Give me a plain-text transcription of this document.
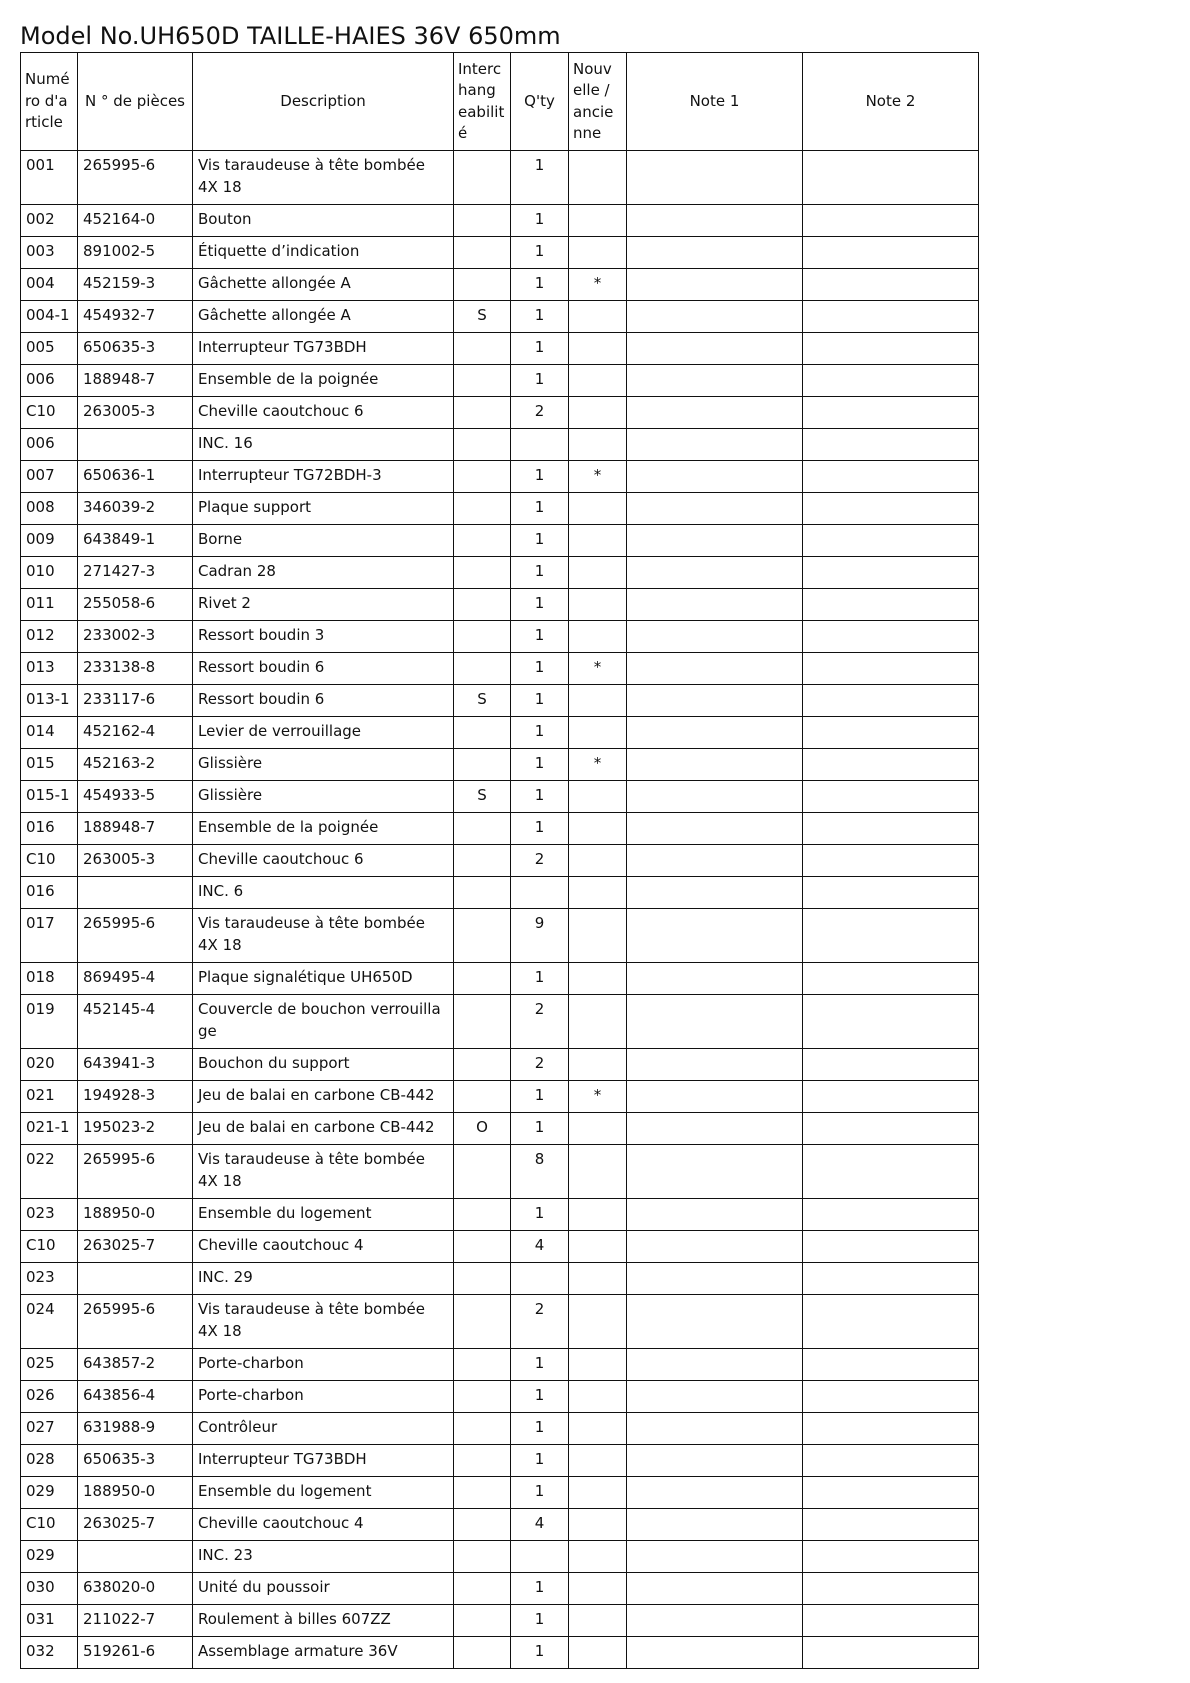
Model No.UH650D TAILLE-HAIES 36V 650mm
Numé ro d'a rticle	N ° de pièces	Description	Interc hang eabilit é	Q'ty	Nouv elle / ancie nne	Note 1	Note 2
001	265995-6	Vis taraudeuse à tête bombée 4X 18		1			
002	452164-0	Bouton		1			
003	891002-5	Étiquette d’indication		1			
004	452159-3	Gâchette allongée A		1	*		
004-1	454932-7	Gâchette allongée A	S	1			
005	650635-3	Interrupteur TG73BDH		1			
006	188948-7	Ensemble de la poignée		1			
C10	263005-3	Cheville caoutchouc 6		2			
006		INC. 16					
007	650636-1	Interrupteur TG72BDH-3		1	*		
008	346039-2	Plaque support		1			
009	643849-1	Borne		1			
010	271427-3	Cadran 28		1			
011	255058-6	Rivet 2		1			
012	233002-3	Ressort boudin 3		1			
013	233138-8	Ressort boudin 6		1	*		
013-1	233117-6	Ressort boudin 6	S	1			
014	452162-4	Levier de verrouillage		1			
015	452163-2	Glissière		1	*		
015-1	454933-5	Glissière	S	1			
016	188948-7	Ensemble de la poignée		1			
C10	263005-3	Cheville caoutchouc 6		2			
016		INC. 6					
017	265995-6	Vis taraudeuse à tête bombée 4X 18		9			
018	869495-4	Plaque signalétique UH650D		1			
019	452145-4	Couvercle de bouchon verrouilla ge		2			
020	643941-3	Bouchon du support		2			
021	194928-3	Jeu de balai en carbone CB-442		1	*		
021-1	195023-2	Jeu de balai en carbone CB-442	O	1			
022	265995-6	Vis taraudeuse à tête bombée 4X 18		8			
023	188950-0	Ensemble du logement		1			
C10	263025-7	Cheville caoutchouc 4		4			
023		INC. 29					
024	265995-6	Vis taraudeuse à tête bombée 4X 18		2			
025	643857-2	Porte-charbon		1			
026	643856-4	Porte-charbon		1			
027	631988-9	Contrôleur		1			
028	650635-3	Interrupteur TG73BDH		1			
029	188950-0	Ensemble du logement		1			
C10	263025-7	Cheville caoutchouc 4		4			
029		INC. 23					
030	638020-0	Unité du poussoir		1			
031	211022-7	Roulement à billes 607ZZ		1			
032	519261-6	Assemblage armature 36V		1			
